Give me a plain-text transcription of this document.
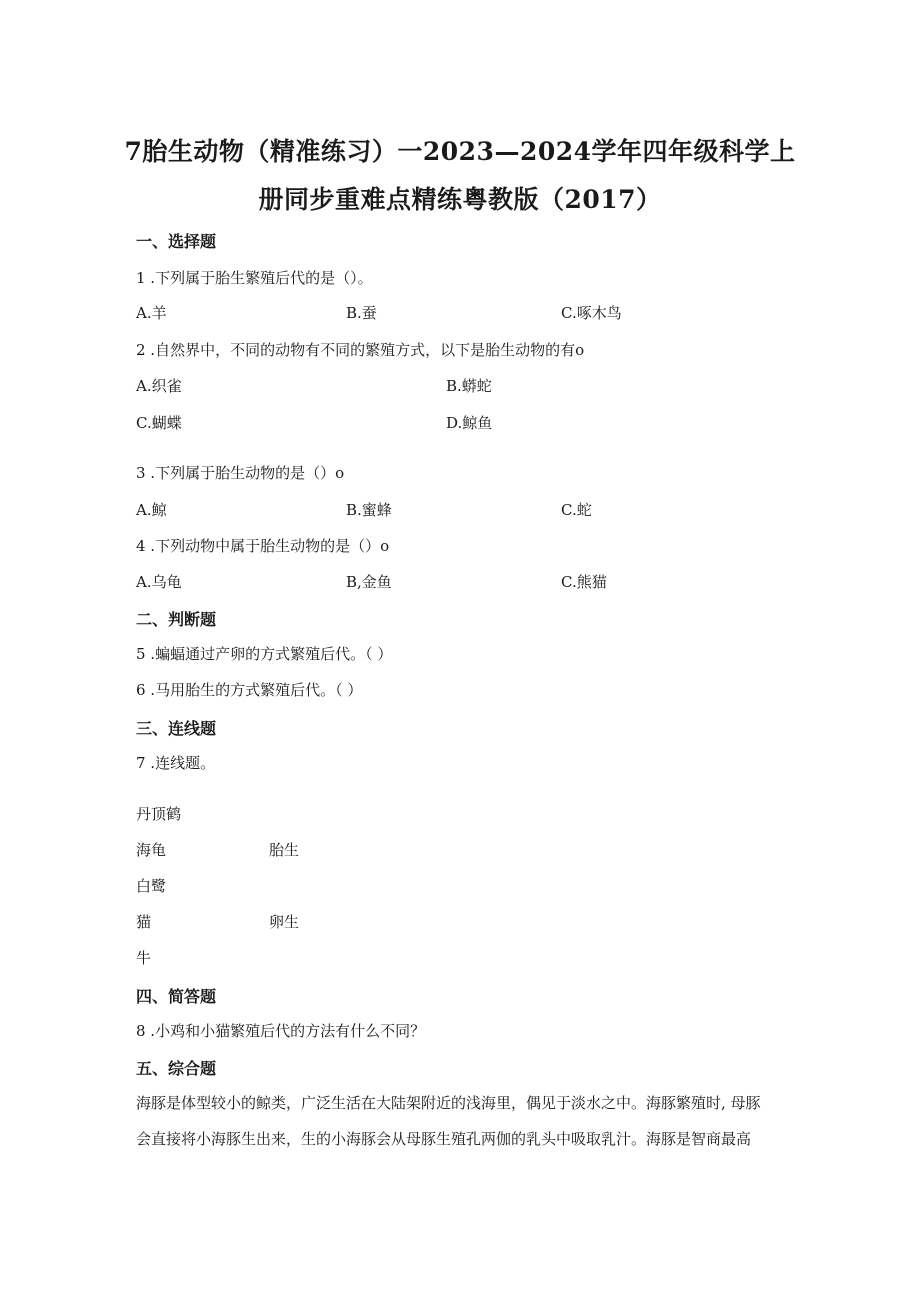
7胎生动物（精准练习）一2023—2024学年四年级科学上
册同步重难点精练粤教版（2017）
一、选择题
1 .下列属于胎生繁殖后代的是（）。
A.羊	B.蚕	C.啄木鸟
2 .自然界中，不同的动物有不同的繁殖方式，以下是胎生动物的有o
A.织雀	B.蟒蛇
C.蝴蝶	D.鲸鱼
3 .下列属于胎生动物的是（）o
A.鲸	B.蜜蜂	C.蛇
4 .下列动物中属于胎生动物的是（）o
A.乌龟	B,金鱼	C.熊猫
二、判断题
5 .蝙蝠通过产卵的方式繁殖后代。（ ）
6 .马用胎生的方式繁殖后代。（ ）
三、连线题
7 .连线题。
丹顶鹤
海龟
白鹭
猫
牛
胎生
卵生
四、简答题
8 .小鸡和小猫繁殖后代的方法有什么不同？
五、综合题
海豚是体型较小的鲸类，广泛生活在大陆架附近的浅海里，偶见于淡水之中。海豚繁殖时, 母豚
会直接将小海豚生出来，生的小海豚会从母豚生殖孔两伽的乳头中吸取乳汁。海豚是智商最高
